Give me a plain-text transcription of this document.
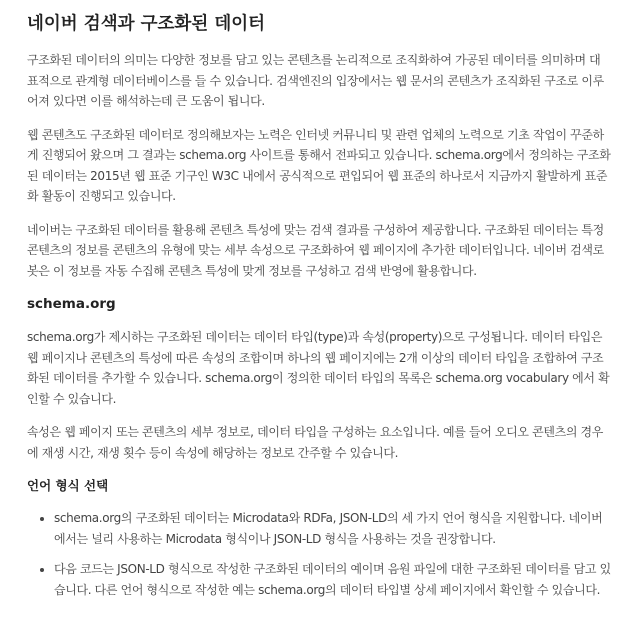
네이버 검색과 구조화된 데이터

구조화된 데이터의 의미는 다양한 정보를 담고 있는 콘텐츠를 논리적으로 조직화하여 가공된 데이터를 의미하며 대표적으로 관계형 데이터베이스를 들 수 있습니다. 검색엔진의 입장에서는 웹 문서의 콘텐츠가 조직화된 구조로 이루어져 있다면 이를 해석하는데 큰 도움이 됩니다.

웹 콘텐츠도 구조화된 데이터로 정의해보자는 노력은 인터넷 커뮤니티 및 관련 업체의 노력으로 기초 작업이 꾸준하게 진행되어 왔으며 그 결과는 schema.org 사이트를 통해서 전파되고 있습니다. schema.org에서 정의하는 구조화된 데이터는 2015년 웹 표준 기구인 W3C 내에서 공식적으로 편입되어 웹 표준의 하나로서 지금까지 활발하게 표준화 활동이 진행되고 있습니다.

네이버는 구조화된 데이터를 활용해 콘텐츠 특성에 맞는 검색 결과를 구성하여 제공합니다. 구조화된 데이터는 특정 콘텐츠의 정보를 콘텐츠의 유형에 맞는 세부 속성으로 구조화하여 웹 페이지에 추가한 데이터입니다. 네이버 검색로봇은 이 정보를 자동 수집해 콘텐츠 특성에 맞게 정보를 구성하고 검색 반영에 활용합니다.

schema.org

schema.org가 제시하는 구조화된 데이터는 데이터 타입(type)과 속성(property)으로 구성됩니다. 데이터 타입은 웹 페이지나 콘텐츠의 특성에 따른 속성의 조합이며 하나의 웹 페이지에는 2개 이상의 데이터 타입을 조합하여 구조화된 데이터를 추가할 수 있습니다. schema.org이 정의한 데이터 타입의 목록은 schema.org vocabulary 에서 확인할 수 있습니다.

속성은 웹 페이지 또는 콘텐츠의 세부 정보로, 데이터 타입을 구성하는 요소입니다. 예를 들어 오디오 콘텐츠의 경우에 재생 시간, 재생 횟수 등이 속성에 해당하는 정보로 간주할 수 있습니다.

언어 형식 선택
• schema.org의 구조화된 데이터는 Microdata와 RDFa, JSON-LD의 세 가지 언어 형식을 지원합니다. 네이버에서는 널리 사용하는 Microdata 형식이나 JSON-LD 형식을 사용하는 것을 권장합니다.
• 다음 코드는 JSON-LD 형식으로 작성한 구조화된 데이터의 예이며 음원 파일에 대한 구조화된 데이터를 담고 있습니다. 다른 언어 형식으로 작성한 예는 schema.org의 데이터 타입별 상세 페이지에서 확인할 수 있습니다.
